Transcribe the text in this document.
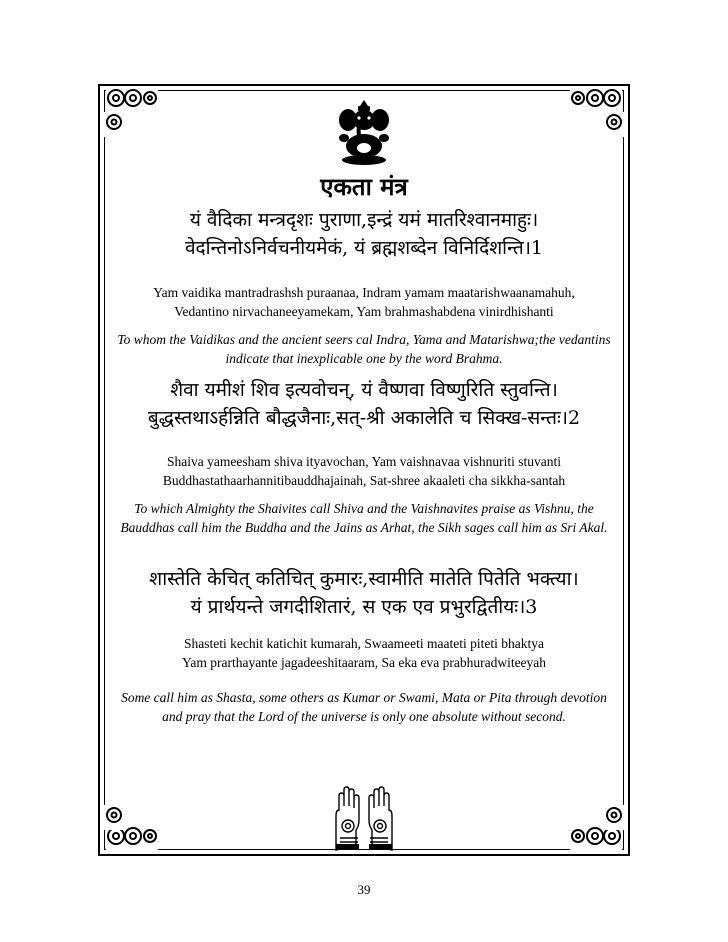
एकता मंत्र
यं वैदिका मन्त्रदृशः पुराणा,इन्द्रं यमं मातरिश्वानमाहुः।
वेदन्तिनोऽनिर्वचनीयमेकं, यं ब्रह्मशब्देन विनिर्दिशन्ति।1
Yam vaidika mantradrashsh puraanaa, Indram yamam maatarishwaanamahuh,
Vedantino nirvachaneeyamekam, Yam brahmashabdena vinirdhishanti
To whom the Vaidikas and the ancient seers cal Indra, Yama and Matarishwa;the vedantins indicate that inexplicable one by the word Brahma.
शैवा यमीशं शिव इत्यवोचन्, यं वैष्णवा विष्णुरिति स्तुवन्ति।
बुद्धस्तथाऽर्हन्निति बौद्धजैनाः,सत्-श्री अकालेति च सिक्ख-सन्तः।2
Shaiva yameesham shiva ityavochan, Yam vaishnavaa vishnuriti stuvanti
Buddhastathaarhannitibauddhajainah, Sat-shree akaaleti cha sikkha-santah
To which Almighty the Shaivites call Shiva and the Vaishnavites praise as Vishnu, the Bauddhas call him the Buddha and the Jains as Arhat, the Sikh sages call him as Sri Akal.
शास्तेति केचित् कतिचित् कुमारः,स्वामीति मातेति पितेति भक्त्या।
यं प्रार्थयन्ते जगदीशितारं, स एक एव प्रभुरद्वितीयः।3
Shasteti kechit katichit kumarah, Swaameeti maateti piteti bhaktya
Yam prarthayante jagadeeshitaaram, Sa eka eva prabhuradwiteeyah
Some call him as Shasta, some others as Kumar or Swami, Mata or Pita through devotion and pray that the Lord of the universe is only one absolute without second.
39
